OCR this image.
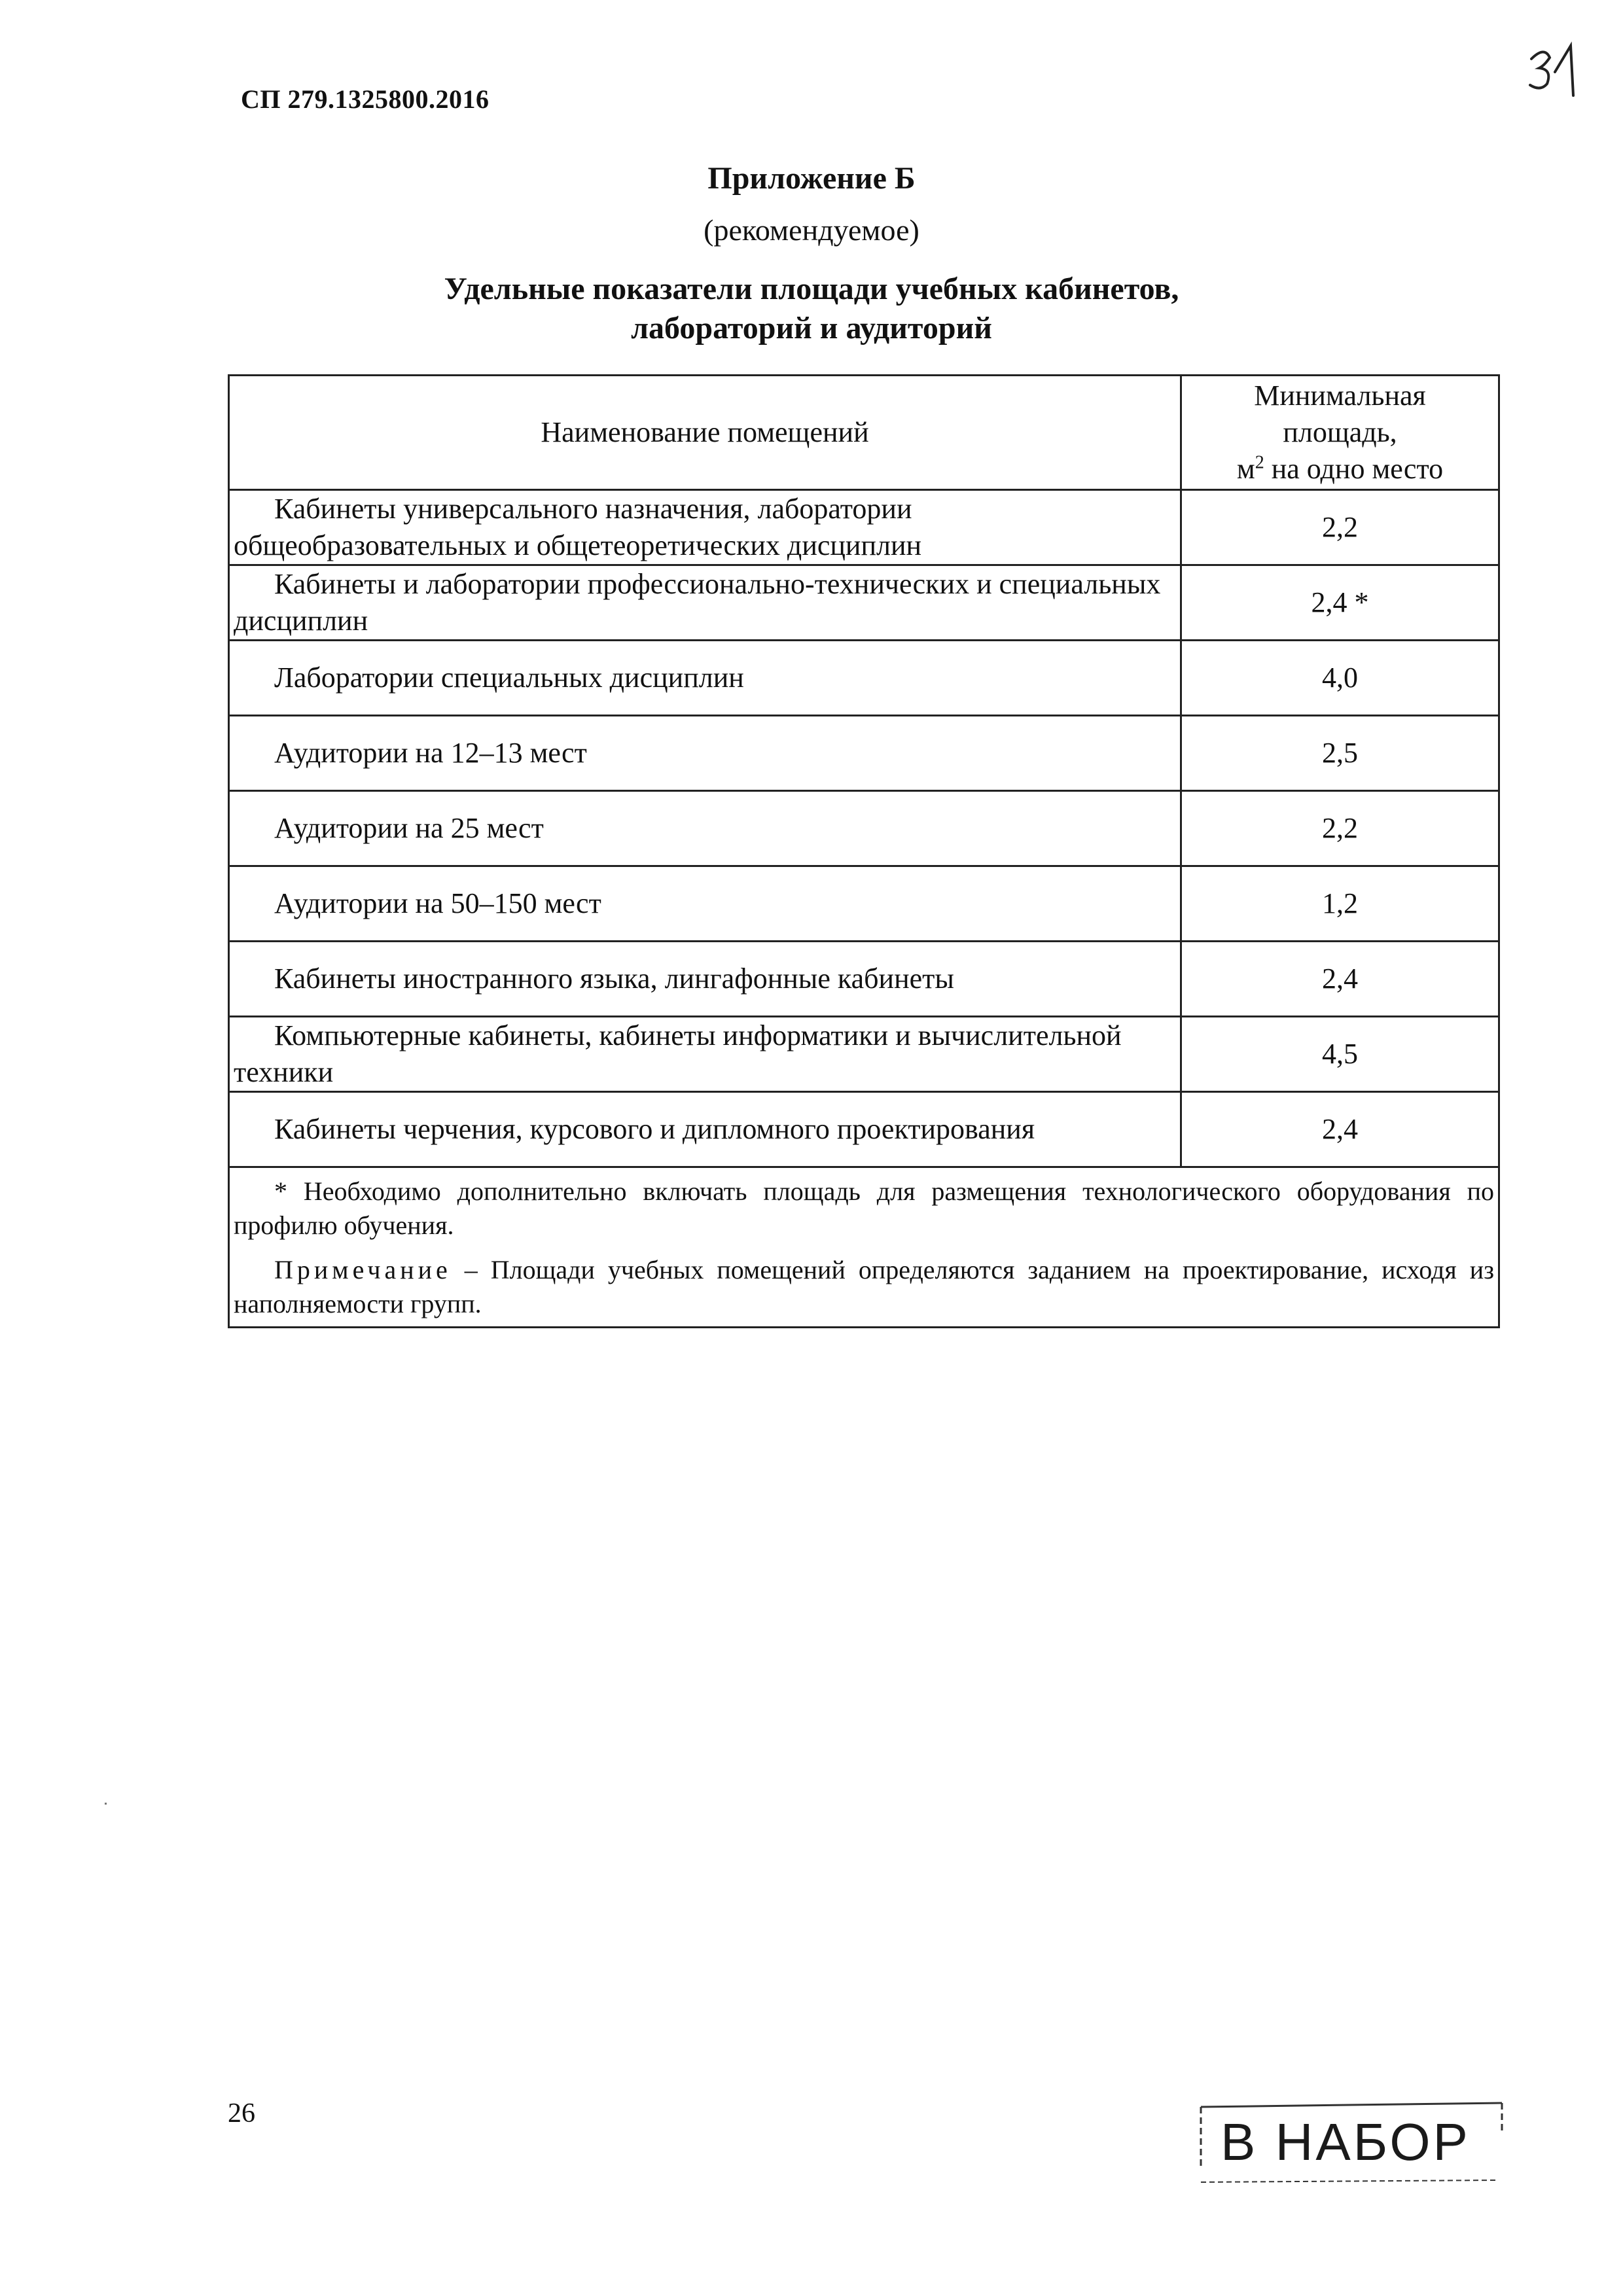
СП 279.1325800.2016
Приложение Б
(рекомендуемое)
Удельные показатели площади учебных кабинетов,
лабораторий и аудиторий
Наименование помещений	Минимальная
площадь,
$м^2$ на одно место

Кабинеты универсального назначения, лаборатории общеобразовательных и общетеоретических дисциплин	2,2
Кабинеты и лаборатории профессионально-технических и специальных дисциплин	2,4 *
Лаборатории специальных дисциплин	4,0
Аудитории на 12–13 мест	2,5
Аудитории на 25 мест	2,2
Аудитории на 50–150 мест	1,2
Кабинеты иностранного языка, лингафонные кабинеты	2,4
Компьютерные кабинеты, кабинеты информатики и вычислительной техники	4,5
Кабинеты черчения, курсового и дипломного проектирования	2,4

* Необходимо дополнительно включать площадь для размещения технологического оборудования по профилю обучения.

Примечание – Площади учебных помещений определяются заданием на проектирование, исходя из наполняемости групп.	

26	В НАБОР
